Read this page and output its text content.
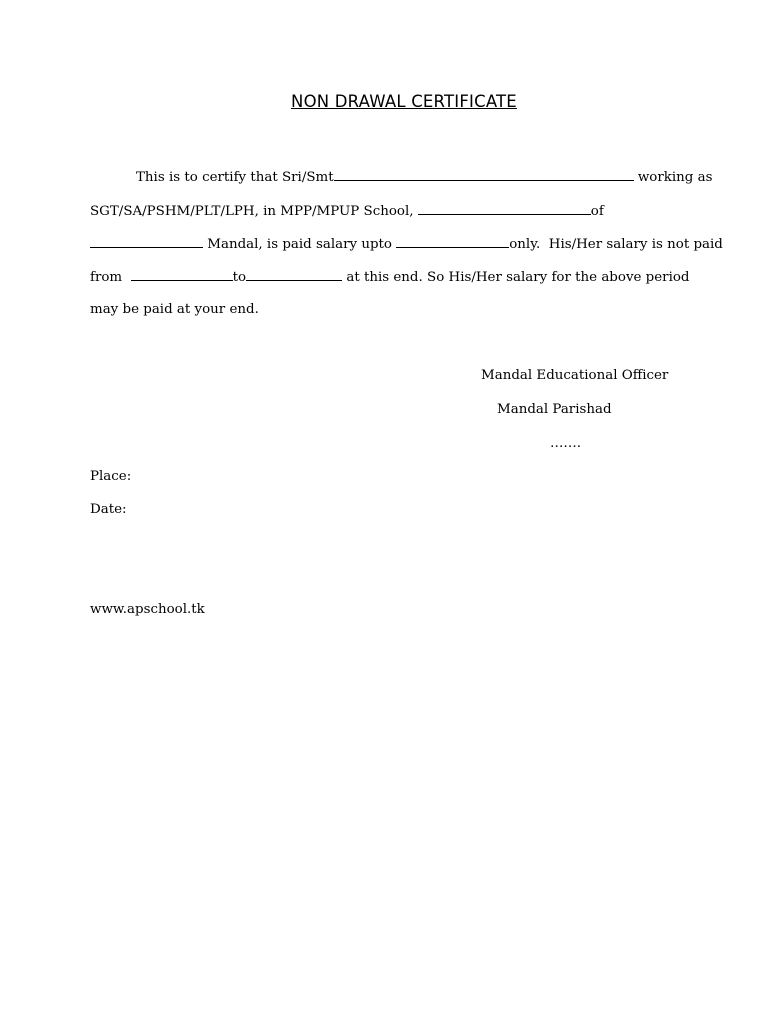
NON DRAWAL CERTIFICATE
This is to certify that Sri/Smt	working as
SGT/SA/PSHM/PLT/LPH, in MPP/MPUP School,	of
Mandal, is paid salary upto	only.  His/Her salary is not paid
from	to	at this end. So His/Her salary for the above period
may be paid at your end.
Mandal Educational Officer
Mandal Parishad
…….
Place:
Date:
www.apschool.tk
